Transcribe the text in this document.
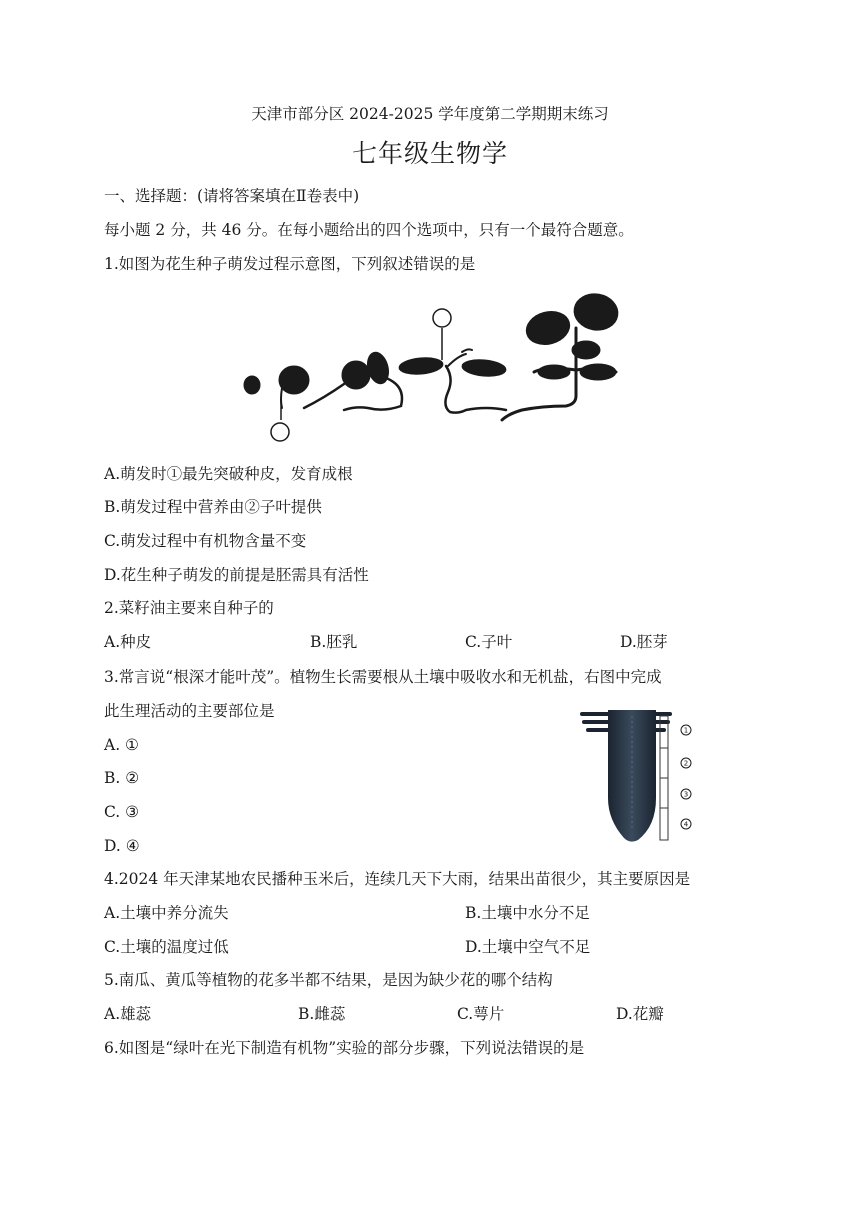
天津市部分区 2024-2025 学年度第二学期期末练习
七年级生物学
一、选择题：(请将答案填在Ⅱ卷表中)
每小题 2 分，共 46 分。在每小题给出的四个选项中，只有一个最符合题意。
1.如图为花生种子萌发过程示意图，下列叙述错误的是
A.萌发时①最先突破种皮，发育成根
B.萌发过程中营养由②子叶提供
C.萌发过程中有机物含量不变
D.花生种子萌发的前提是胚需具有活性
2.菜籽油主要来自种子的
A.种皮	B.胚乳	C.子叶	D.胚芽
3.常言说“根深才能叶茂”。植物生长需要根从土壤中吸收水和无机盐，右图中完成
此生理活动的主要部位是
1
2
3
4
A. ①
B. ②
C. ③
D. ④
4.2024 年天津某地农民播种玉米后，连续几天下大雨，结果出苗很少，其主要原因是
A.土壤中养分流失	B.土壤中水分不足
C.土壤的温度过低	D.土壤中空气不足
5.南瓜、黄瓜等植物的花多半都不结果，是因为缺少花的哪个结构
A.雄蕊	B.雌蕊	C.萼片	D.花瓣
6.如图是“绿叶在光下制造有机物”实验的部分步骤，下列说法错误的是
